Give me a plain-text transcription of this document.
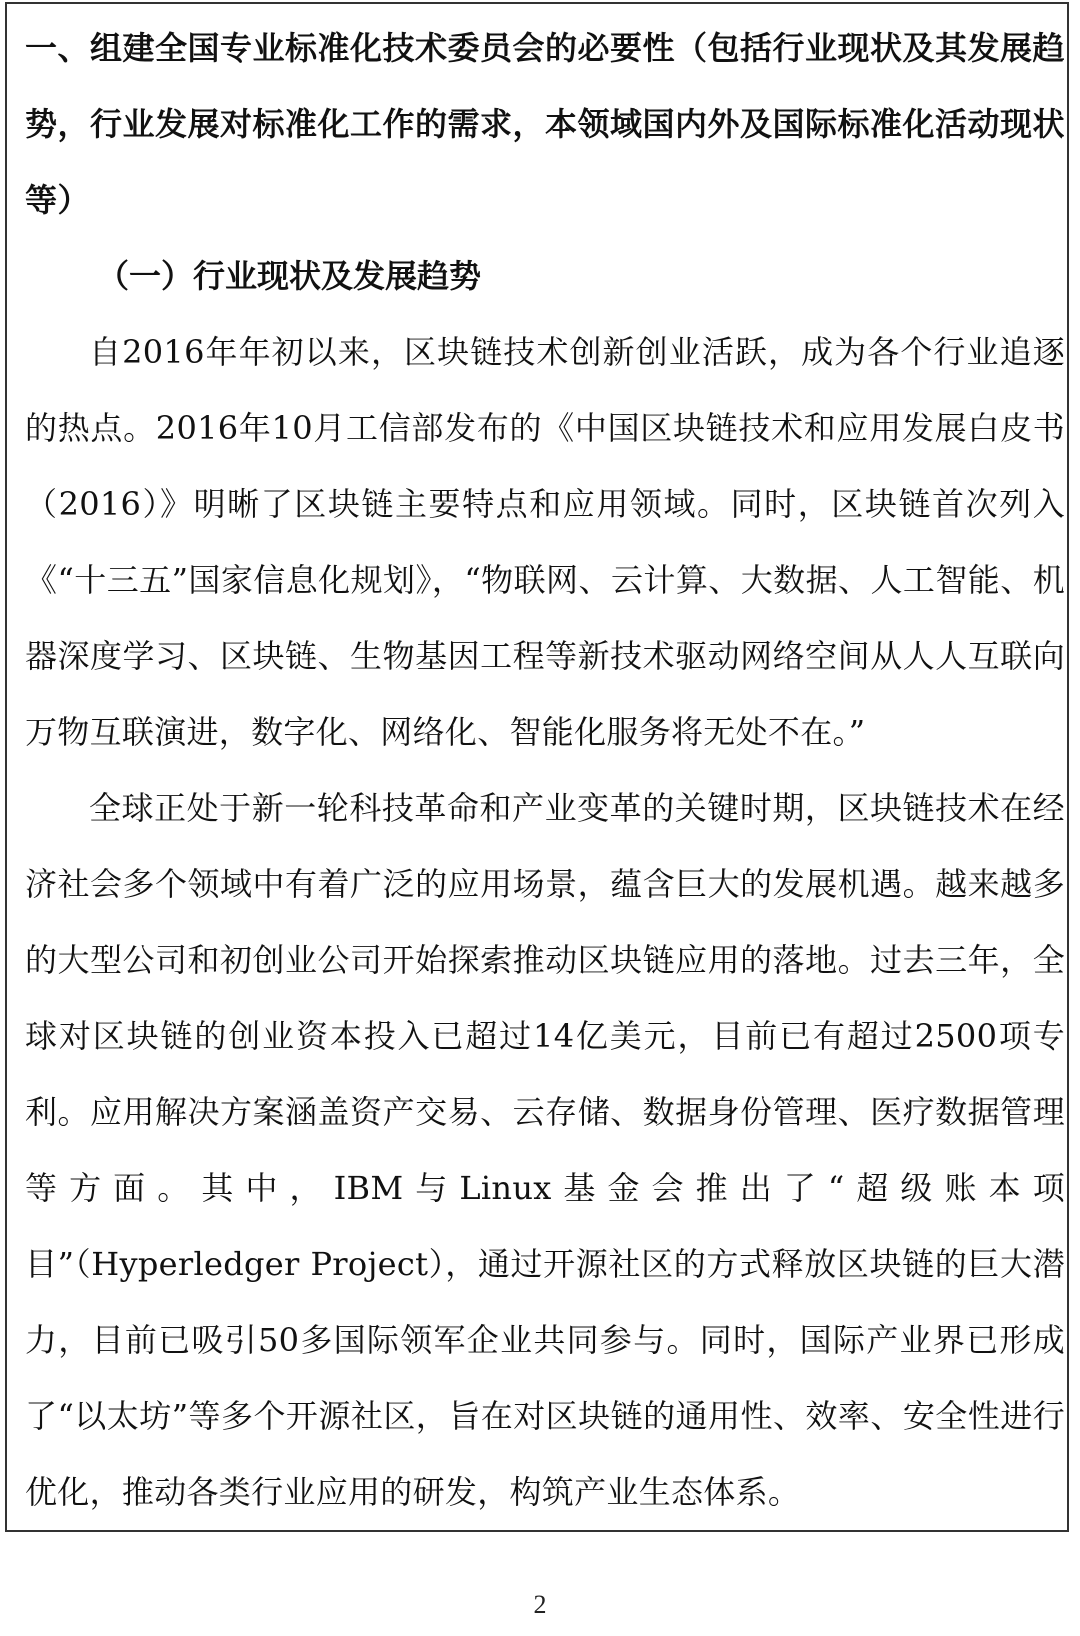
一、组建全国专业标准化技术委员会的必要性（包括行业现状及其发展趋势，行业发展对标准化工作的需求，本领域国内外及国际标准化活动现状等）

（一）行业现状及发展趋势

自2016年年初以来，区块链技术创新创业活跃，成为各个行业追逐的热点。2016年10月工信部发布的《中国区块链技术和应用发展白皮书（2016）》明晰了区块链主要特点和应用领域。同时，区块链首次列入《“十三五”国家信息化规划》，“物联网、云计算、大数据、人工智能、机器深度学习、区块链、生物基因工程等新技术驱动网络空间从人人互联向万物互联演进，数字化、网络化、智能化服务将无处不在。”

全球正处于新一轮科技革命和产业变革的关键时期，区块链技术在经济社会多个领域中有着广泛的应用场景，蕴含巨大的发展机遇。越来越多的大型公司和初创业公司开始探索推动区块链应用的落地。过去三年，全球对区块链的创业资本投入已超过14亿美元，目前已有超过2500项专利。应用解决方案涵盖资产交易、云存储、数据身份管理、医疗数据管理等方面。其中，IBM与Linux基金会推出了“超级账本项目”（Hyperledger Project），通过开源社区的方式释放区块链的巨大潜力，目前已吸引50多国际领军企业共同参与。同时，国际产业界已形成了“以太坊”等多个开源社区，旨在对区块链的通用性、效率、安全性进行优化，推动各类行业应用的研发，构筑产业生态体系。

2
